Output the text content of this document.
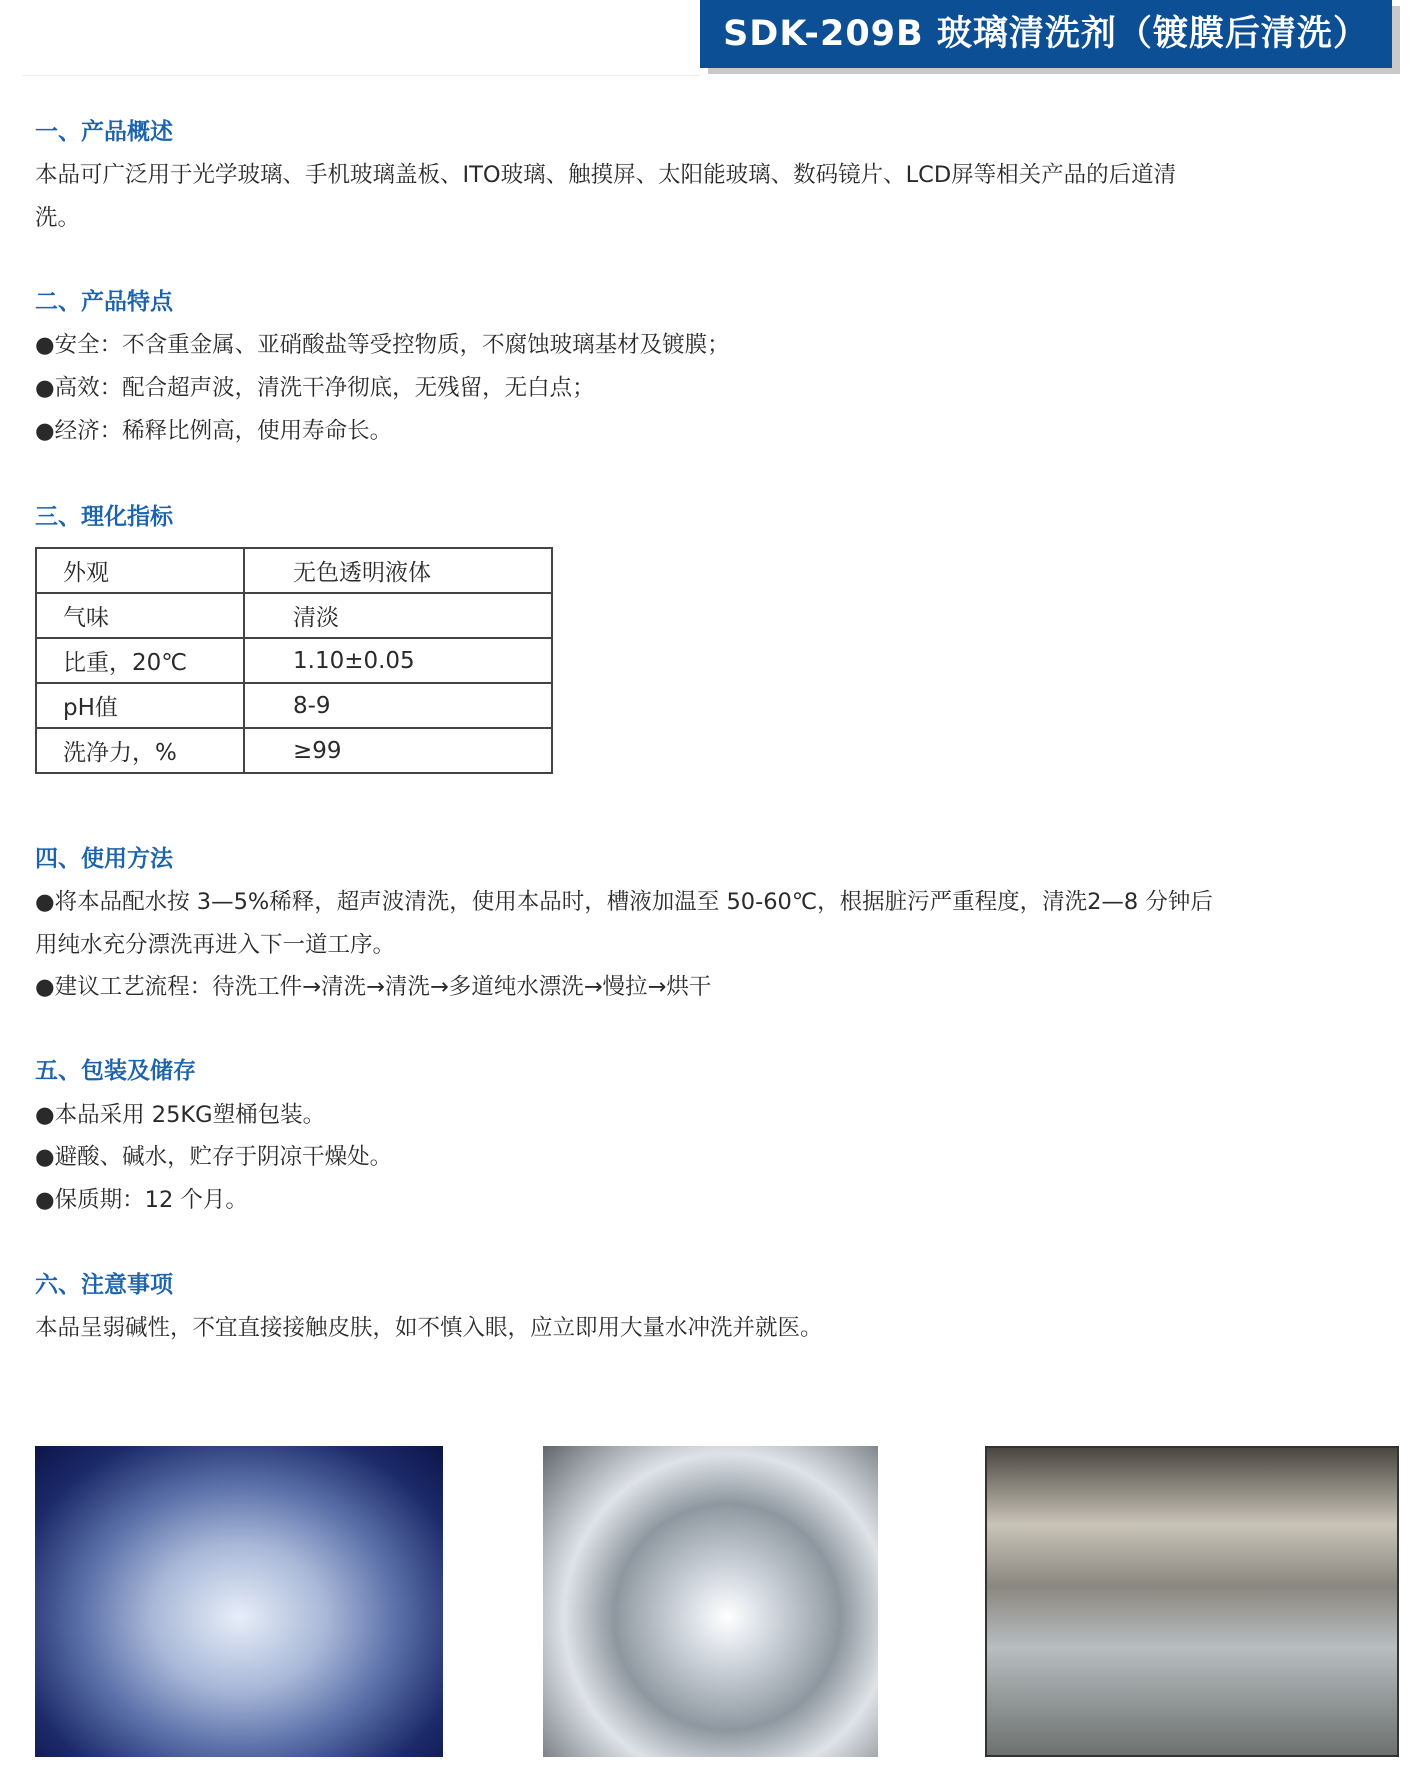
SDK-209B 玻璃清洗剂（镀膜后清洗）
一、产品概述
本品可广泛用于光学玻璃、手机玻璃盖板、ITO玻璃、触摸屏、太阳能玻璃、数码镜片、LCD屏等相关产品的后道清
洗。
二、产品特点
●安全：不含重金属、亚硝酸盐等受控物质，不腐蚀玻璃基材及镀膜；
●高效：配合超声波，清洗干净彻底，无残留，无白点；
●经济：稀释比例高，使用寿命长。
三、理化指标
外观	无色透明液体
气味	清淡
比重，20℃	1.10±0.05
pH值	8-9
洗净力，%	≥99
四、使用方法
●将本品配水按 3—5%稀释，超声波清洗，使用本品时，槽液加温至 50-60℃，根据脏污严重程度，清洗2—8 分钟后
用纯水充分漂洗再进入下一道工序。
●建议工艺流程：待洗工件→清洗→清洗→多道纯水漂洗→慢拉→烘干
五、包装及储存
●本品采用 25KG塑桶包装。
●避酸、碱水，贮存于阴凉干燥处。
●保质期：12 个月。
六、注意事项
本品呈弱碱性，不宜直接接触皮肤，如不慎入眼，应立即用大量水冲洗并就医。
